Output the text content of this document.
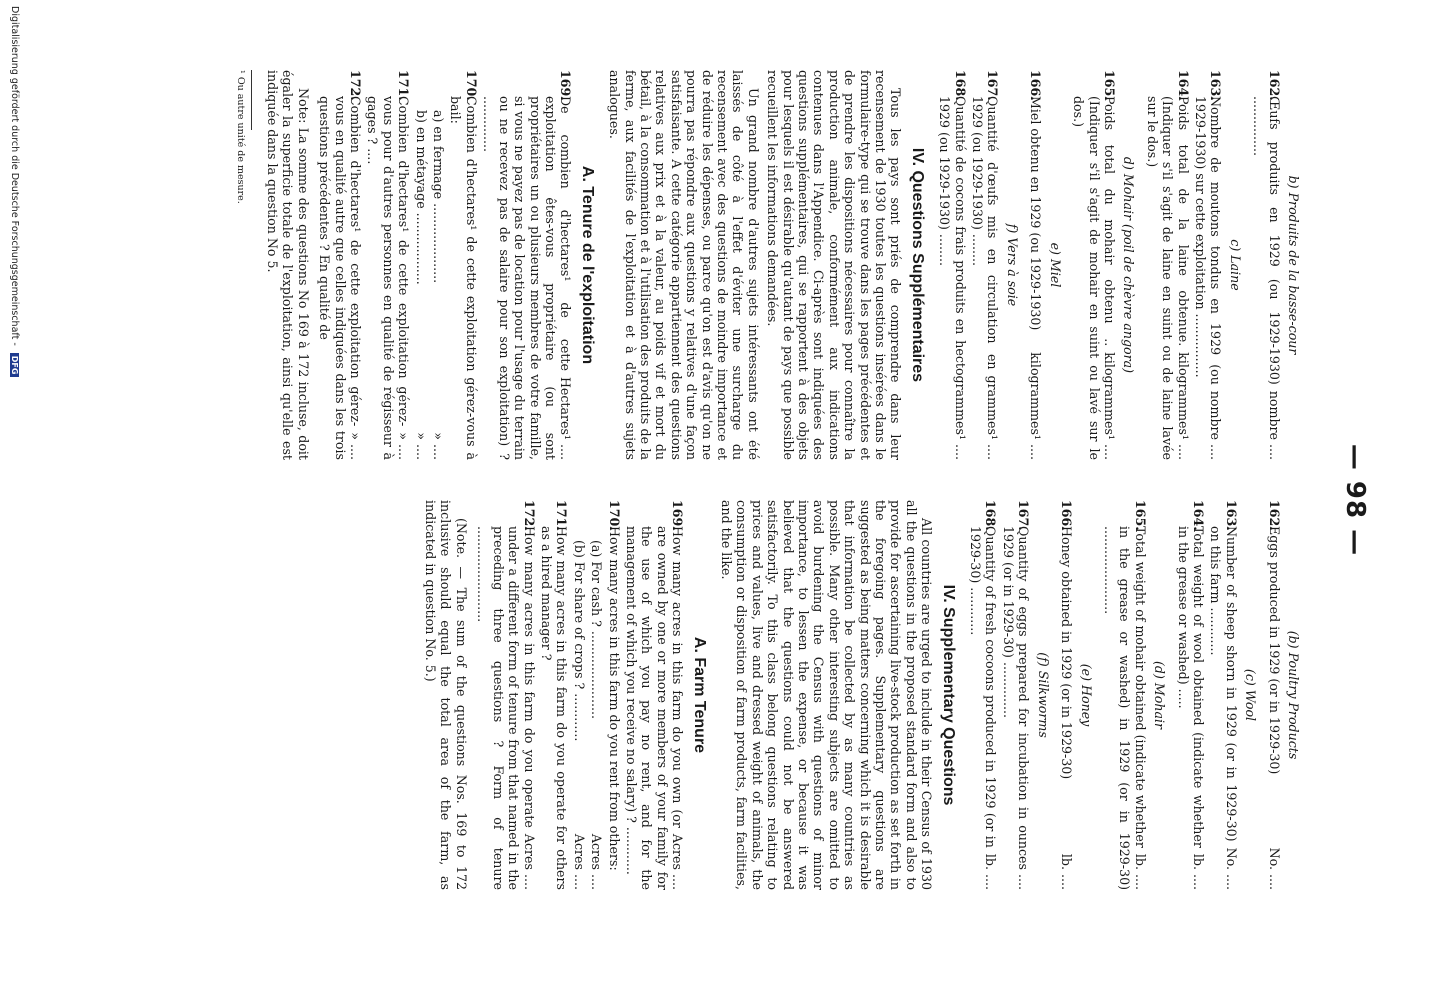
— 98 —
b) Produits de la basse-cour
162.
nombre ....
Œufs produits en 1929 (ou 1929-1930) ...............
c) Laine
163.
nombre ....
Nombre de moutons tondus en 1929 (ou 1929-1930) sur cette exploitation ................
164.
kilogrammes¹ ....
Poids total de la laine obtenue. (Indiquer s'il s'agit de laine en suint ou de laine lavée sur le dos.)
d) Mohair (poil de chèvre angora)
165.
kilogrammes¹ ....
Poids total du mohair obtenu .. (Indiquer s'il s'agit de mohair en suint ou lavé sur le dos.)
e) Miel
166.
kilogrammes¹ ....
Miel obtenu en 1929 (ou 1929-1930)
f) Vers à soie
167.
grammes¹ ....
Quantité d'œufs mis en circulation en 1929 (ou 1929-1930) ........
168.
hectogrammes¹ ....
Quantité de cocons frais produits en 1929 (ou 1929-1930) ........
IV. Questions Supplémentaires

Tous les pays sont priés de comprendre dans leur recensement de 1930 toutes les questions insérées dans le formulaire-type qui se trouve dans les pages précédentes et de prendre les dispositions nécessaires pour connaître la production animale, conformément aux indications contenues dans l'Appendice. Ci-après sont indiquées des questions supplémentaires, qui se rapportent à des objets pour lesquels il est désirable qu'autant de pays que possible recueillent les informations demandées.

Un grand nombre d'autres sujets intéressants ont été laissés de côté à l'effet d'éviter une surcharge du recensement avec des questions de moindre importance et de réduire les dépenses, ou parce qu'on est d'avis qu'on ne pourra pas répondre aux questions y relatives d'une façon satisfaisante. A cette catégorie appartiennent des questions relatives aux prix et à la valeur, au poids vif et mort du bétail, à la consommation et à l'utilisation des produits de la ferme, aux facilités de l'exploitation et à d'autres sujets analogues.

A. Tenure de l'exploitation
169.
Hectares¹ ....
De combien d'hectares¹ de cette exploitation êtes-vous propriétaire (ou sont propriétaires un ou plusieurs membres de votre famille, si vous ne payez pas de location pour l'usage du terrain ou ne recevez pas de salaire pour son exploitation) ? ..............
170.
Combien d'hectares¹ de cette exploitation gérez-vous à bail:
» ....
a) en fermage ....................
» ....
b) en métayage ..................
171.
» ....
Combien d'hectares¹ de cette exploitation gérez-vous pour d'autres personnes en qualité de régisseur à gages ? ....
172.
» ....
Combien d'hectares¹ de cette exploitation gérez-vous en qualité autre que celles indiquées dans les trois questions précédentes ? En qualité de

Note: La somme des questions No 169 à 172 incluse, doit égaler la superficie totale de l'exploitation, ainsi qu'elle est indiquée dans la question No 5.

¹ Ou autre unité de mesure.
(b) Poultry Products
162.
No. ....
Eggs produced in 1929 (or in 1929-30)
(c) Wool
163.
No. ....
Number of sheep shorn in 1929 (or in 1929-30) on this farm ............
164.
lb. ....
Total weight of wool obtained (indicate whether in the grease or washed) .....
(d) Mohair
165.
lb. ....
Total weight of mohair obtained (indicate whether in the grease or washed) in 1929 (or in 1929-30) ......................
(e) Honey
166.
lb. ....
Honey obtained in 1929 (or in 1929-30)
(f) Silkworms
167.
ounces ....
Quantity of eggs prepared for incubation in 1929 (or in 1929-30) ..............
168.
lb. ....
Quantity of fresh cocoons produced in 1929 (or in 1929-30) ............
IV. Supplementary Questions

All countries are urged to include in their Census of 1930 all the questions in the proposed standard form and also to provide for ascertaining live-stock production as set forth in the foregoing pages. Supplementary questions are suggested as being matters concerning which it is desirable that information be collected by as many countries as possible. Many other interesting subjects are omitted to avoid burdening the Census with questions of minor importance, to lessen the expense, or because it was believed that the questions could not be answered satisfactorily. To this class belong questions relating to prices and values, live and dressed weight of animals, the consumption or disposition of farm products, farm facilities, and the like.

A. Farm Tenure
169.
Acres ....
How many acres in this farm do you own (or are owned by one or more members of your family for the use of which you pay no rent, and for the management of which you receive no salary) ? ............
170.
How many acres in this farm do you rent from others:
Acres ....
(a) For cash ? ......................
Acres ....
(b) For share of crops ? ............
171.
How many acres in this farm do you operate for others as a hired manager ?
172.
Acres ....
How many acres in this farm do you operate under a different form of tenure from that named in the preceding three questions ? Form of tenure ........................

(Note. — The sum of the questions Nos. 169 to 172 inclusive should equal the total area of the farm, as indicated in question No. 5.)

Digitalisierung gefördert durch die Deutsche Forschungsgemeinschaft - DFG
